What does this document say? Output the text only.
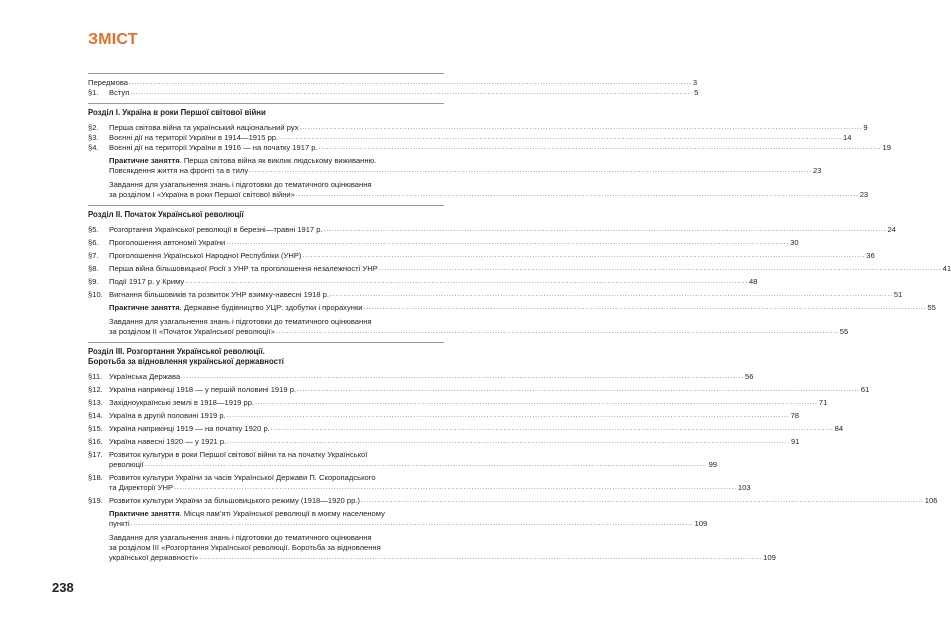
ЗМІСТ
Передмова .....	3
§1.	Вступ .....	5
Розділ І. Україна в роки Першої світової війни
§2.	Перша світова війна та український національний рух .....	9
§3.	Воєнні дії на території України в 1914—1915 рр. .....	14
§4.	Воєнні дії на території України в 1916 — на початку 1917 р. .....	19
Практичне заняття. Перша світова війна як виклик людському виживанню.
Повсякдення життя на фронті та в тилу .....	23
Завдання для узагальнення знань і підготовки до тематичного оцінювання
за розділом І «Україна в роки Першої світової війни» .....	23
Розділ ІІ. Початок Української революції
§5.	Розгортання Української революції в березні—травні 1917 р. .....	24
§6.	Проголошення автономії України .....	30
§7.	Проголошення Української Народної Республіки (УНР) .....	36
§8.	Перша війна більшовицької Росії з УНР та проголошення незалежності УНР .....	41
§9.	Події 1917 р. у Криму .....	48
§10. Вигнання більшовиків та розвиток УНР взимку-навесні 1918 р. .....	51
Практичне заняття. Державне будівництво УЦР: здобутки і прорахунки .....	55
Завдання для узагальнення знань і підготовки до тематичного оцінювання
за розділом ІІ «Початок Української революції» .....	55
Розділ ІІІ. Розгортання Української революції.
Боротьба за відновлення української державності
§11. Українська Держава .....	56
§12. Україна наприкінці 1918 — у першій половині 1919 р. .....	61
§13. Західноукраїнські землі в 1918—1919 рр. .....	71
§14. Україна в другій половині 1919 р. .....	78
§15. Україна наприкінці 1919 — на початку 1920 р. .....	84
§16. Україна навесні 1920 — у 1921 р. .....	91
§17. Розвиток культури в роки Першої світової війни та на початку Української
революції .....	99
§18. Розвиток культури України за часів Української Держави П. Скоропадського
та Директорії УНР .....	103
§19. Розвиток культури України за більшовицького режиму (1918—1920 рр.) .....	106
Практичне заняття. Місця пам’яті Української революції в моєму населеному
пункті .....	109
Завдання для узагальнення знань і підготовки до тематичного оцінювання
за розділом ІІІ «Розгортання Української революції. Боротьба за відновлення
української державності» .....	109
238
